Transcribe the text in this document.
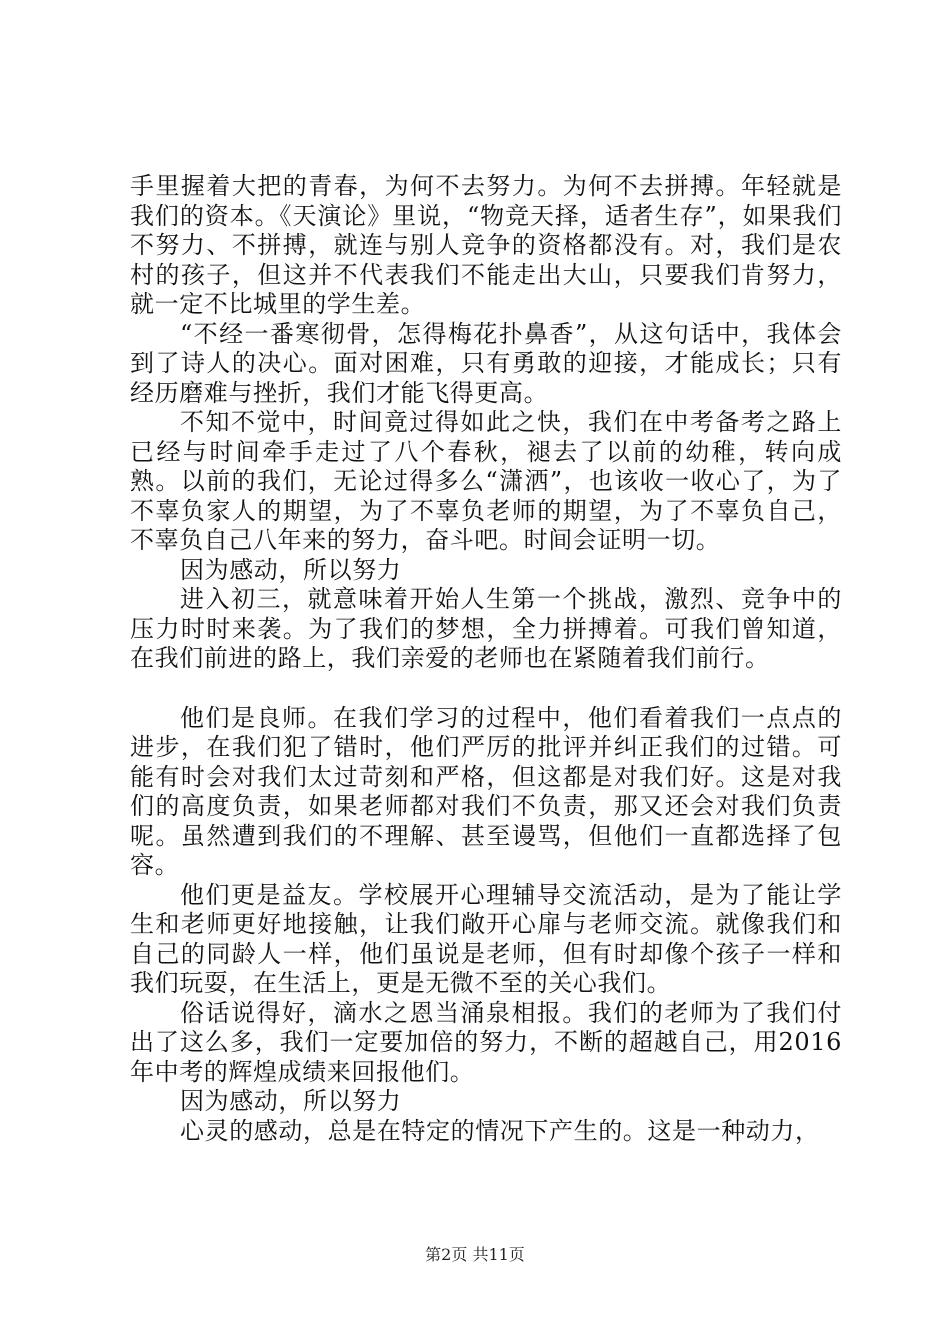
手里握着大把的青春，为何不去努力。为何不去拼搏。年轻就是我们的资本。《天演论》里说，“物竞天择，适者生存”，如果我们不努力、不拼搏，就连与别人竞争的资格都没有。对，我们是农村的孩子，但这并不代表我们不能走出大山，只要我们肯努力，就一定不比城里的学生差。

“不经一番寒彻骨，怎得梅花扑鼻香”，从这句话中，我体会到了诗人的决心。面对困难，只有勇敢的迎接，才能成长；只有经历磨难与挫折，我们才能飞得更高。

不知不觉中，时间竟过得如此之快，我们在中考备考之路上已经与时间牵手走过了八个春秋，褪去了以前的幼稚，转向成熟。以前的我们，无论过得多么“潇洒”，也该收一收心了，为了不辜负家人的期望，为了不辜负老师的期望，为了不辜负自己，不辜负自己八年来的努力，奋斗吧。时间会证明一切。

因为感动，所以努力

进入初三，就意味着开始人生第一个挑战，激烈、竞争中的压力时时来袭。为了我们的梦想，全力拼搏着。可我们曾知道，在我们前进的路上，我们亲爱的老师也在紧随着我们前行。

他们是良师。在我们学习的过程中，他们看着我们一点点的进步，在我们犯了错时，他们严厉的批评并纠正我们的过错。可能有时会对我们太过苛刻和严格，但这都是对我们好。这是对我们的高度负责，如果老师都对我们不负责，那又还会对我们负责呢。虽然遭到我们的不理解、甚至谩骂，但他们一直都选择了包容。

他们更是益友。学校展开心理辅导交流活动，是为了能让学生和老师更好地接触，让我们敞开心扉与老师交流。就像我们和自己的同龄人一样，他们虽说是老师，但有时却像个孩子一样和我们玩耍，在生活上，更是无微不至的关心我们。

俗话说得好，滴水之恩当涌泉相报。我们的老师为了我们付出了这么多，我们一定要加倍的努力，不断的超越自己，用2016年中考的辉煌成绩来回报他们。

因为感动，所以努力

心灵的感动，总是在特定的情况下产生的。这是一种动力，

第2页 共11页
